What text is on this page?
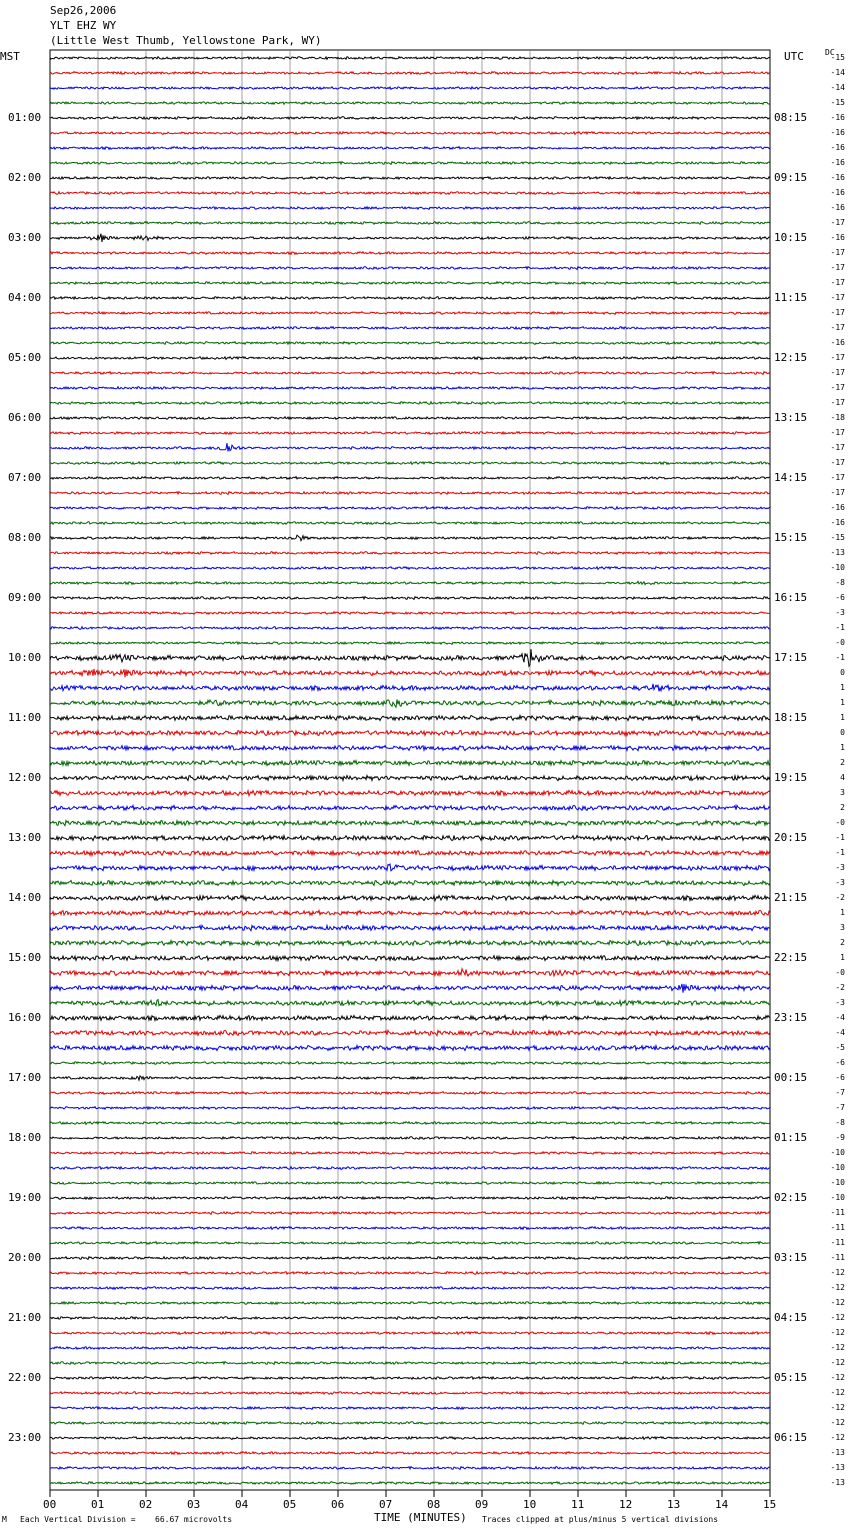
Sep26,2006
YLT EHZ WY
(Little West Thumb, Yellowstone Park, WY)
MST	UTC	DC
01:00
02:00
03:00
04:00
05:00
06:00
07:00
08:00
09:00
10:00
11:00
12:00
13:00
14:00
15:00
16:00
17:00
18:00
19:00
20:00
21:00
22:00
23:00
08:15
09:15
10:15
11:15
12:15
13:15
14:15
15:15
16:15
17:15
18:15
19:15
20:15
21:15
22:15
23:15
00:15
01:15
02:15
03:15
04:15
05:15
06:15
-15
-14
-14
-15
-16
-16
-16
-16
-16
-16
-16
-17
-16
-17
-17
-17
-17
-17
-17
-16
-17
-17
-17
-17
-18
-17
-17
-17
-17
-17
-16
-16
-15
-13
-10
-8
-6
-3
-1
-0
-1
0
1
1
1
0
1
2
4
3
2
-0
-1
-1
-3
-3
-2
1
3
2
1
-0
-2
-3
-4
-4
-5
-6
-6
-7
-7
-8
-9
-10
-10
-10
-10
-11
-11
-11
-11
-12
-12
-12
-12
-12
-12
-12
-12
-12
-12
-12
-12
-13
-13
-13
00	01	02	03	04	05	06	07	08	09	10	11	12	13	14	15
M Each Vertical Division = 66.67 microvolts	TIME (MINUTES) Traces clipped at plus/minus 5 vertical divisions
